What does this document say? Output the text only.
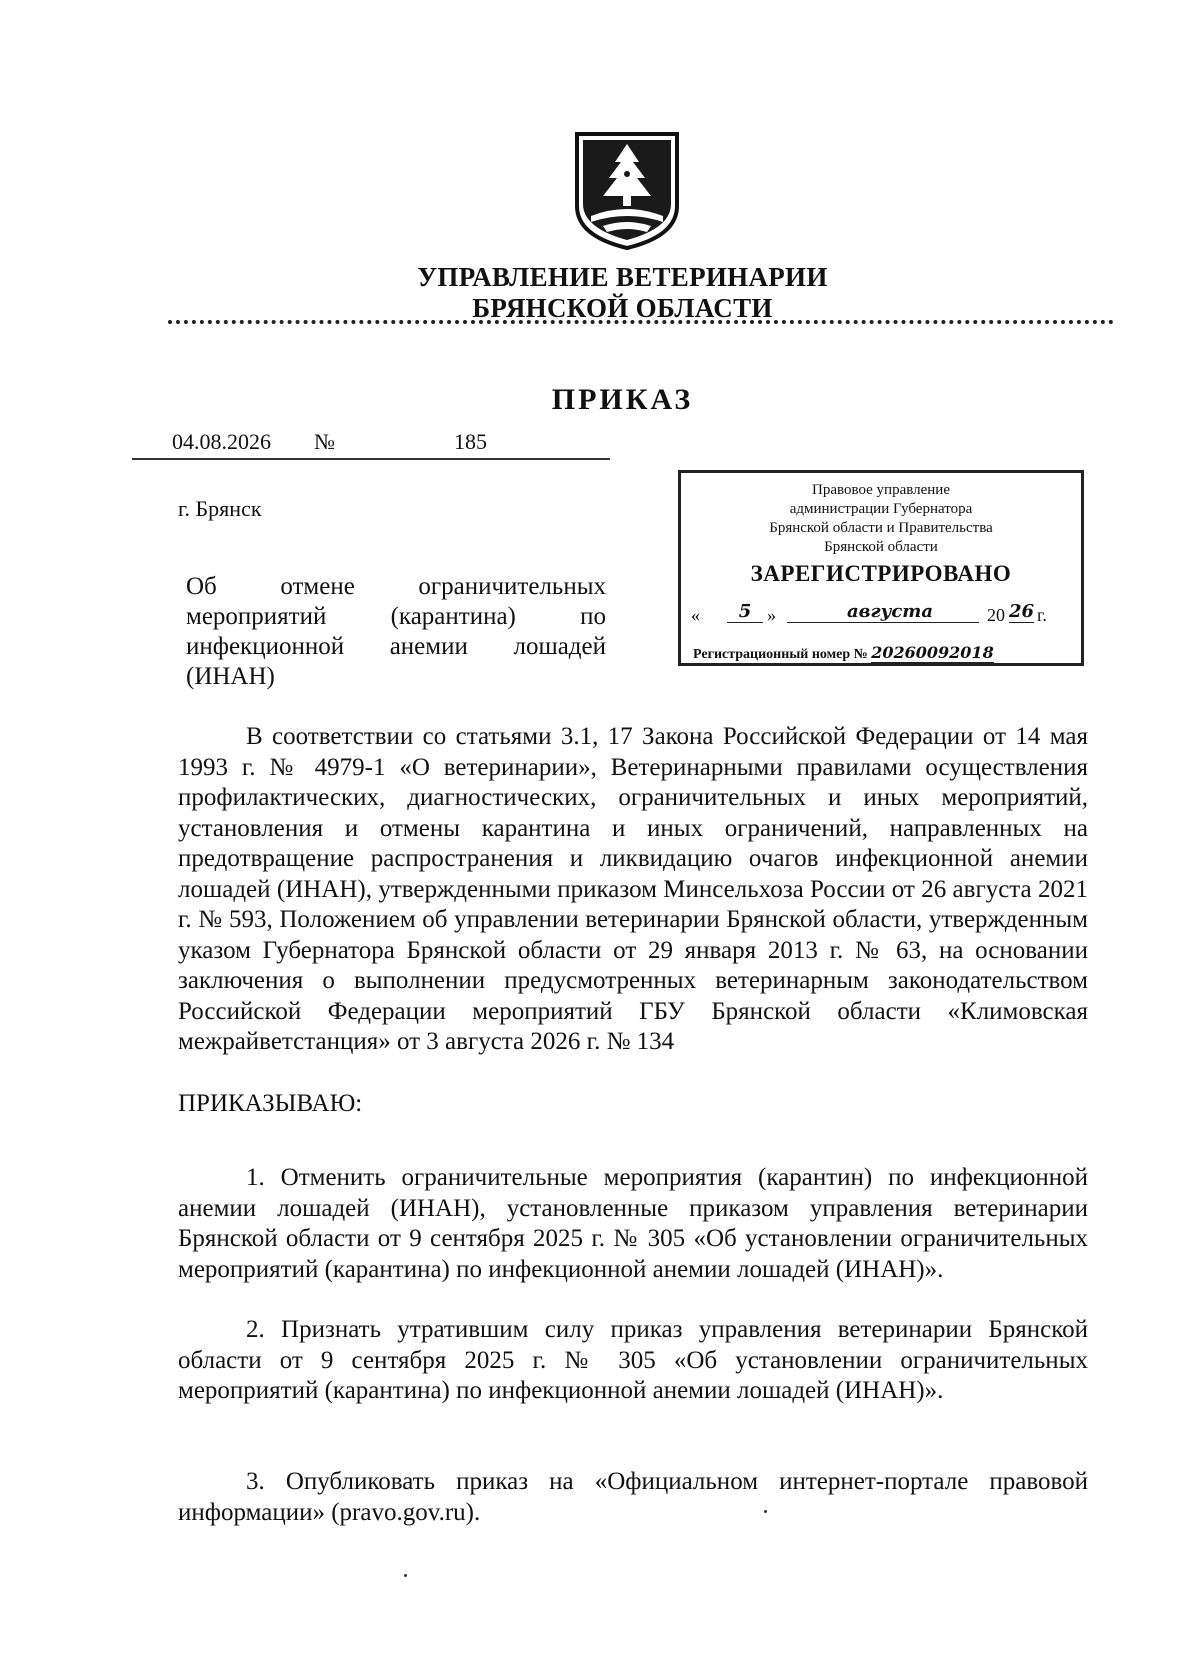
УПРАВЛЕНИЕ ВЕТЕРИНАРИИ
БРЯНСКОЙ ОБЛАСТИ
ПРИКАЗ
04.08.2026 №	185
г. Брянск
Об отмене ограничительных мероприятий (карантина) по инфекционной анемии лошадей
(ИНАН)
Правовое управление
администрации Губернатора
Брянской области и Правительства
Брянской области
ЗАРЕГИСТРИРОВАНО
«	5 »	августа	20 26 г.
Регистрационный номер № 20260092018
В соответствии со статьями 3.1, 17 Закона Российской Федерации от 14 мая 1993 г. № 4979-1 «О ветеринарии», Ветеринарными правилами осуществления профилактических, диагностических, ограничительных и иных мероприятий, установления и отмены карантина и иных ограничений, направленных на предотвращение распространения и ликвидацию очагов инфекционной анемии лошадей (ИНАН), утвержденными приказом Минсельхоза России от 26 августа 2021 г. № 593, Положением об управлении ветеринарии Брянской области, утвержденным указом Губернатора Брянской области от 29 января 2013 г. № 63, на основании заключения о выполнении предусмотренных ветеринарным законодательством Российской Федерации мероприятий ГБУ Брянской области «Климовская межрайветстанция» от 3 августа 2026 г. № 134
ПРИКАЗЫВАЮ:
1. Отменить ограничительные мероприятия (карантин) по инфекционной анемии лошадей (ИНАН), установленные приказом управления ветеринарии Брянской области от 9 сентября 2025 г. № 305 «Об установлении ограничительных мероприятий (карантина) по инфекционной анемии лошадей (ИНАН)».
2. Признать утратившим силу приказ управления ветеринарии Брянской области от 9 сентября 2025 г. № 305 «Об установлении ограничительных мероприятий (карантина) по инфекционной анемии лошадей (ИНАН)».
3. Опубликовать приказ на «Официальном интернет-портале правовой информации» (pravo.gov.ru).
